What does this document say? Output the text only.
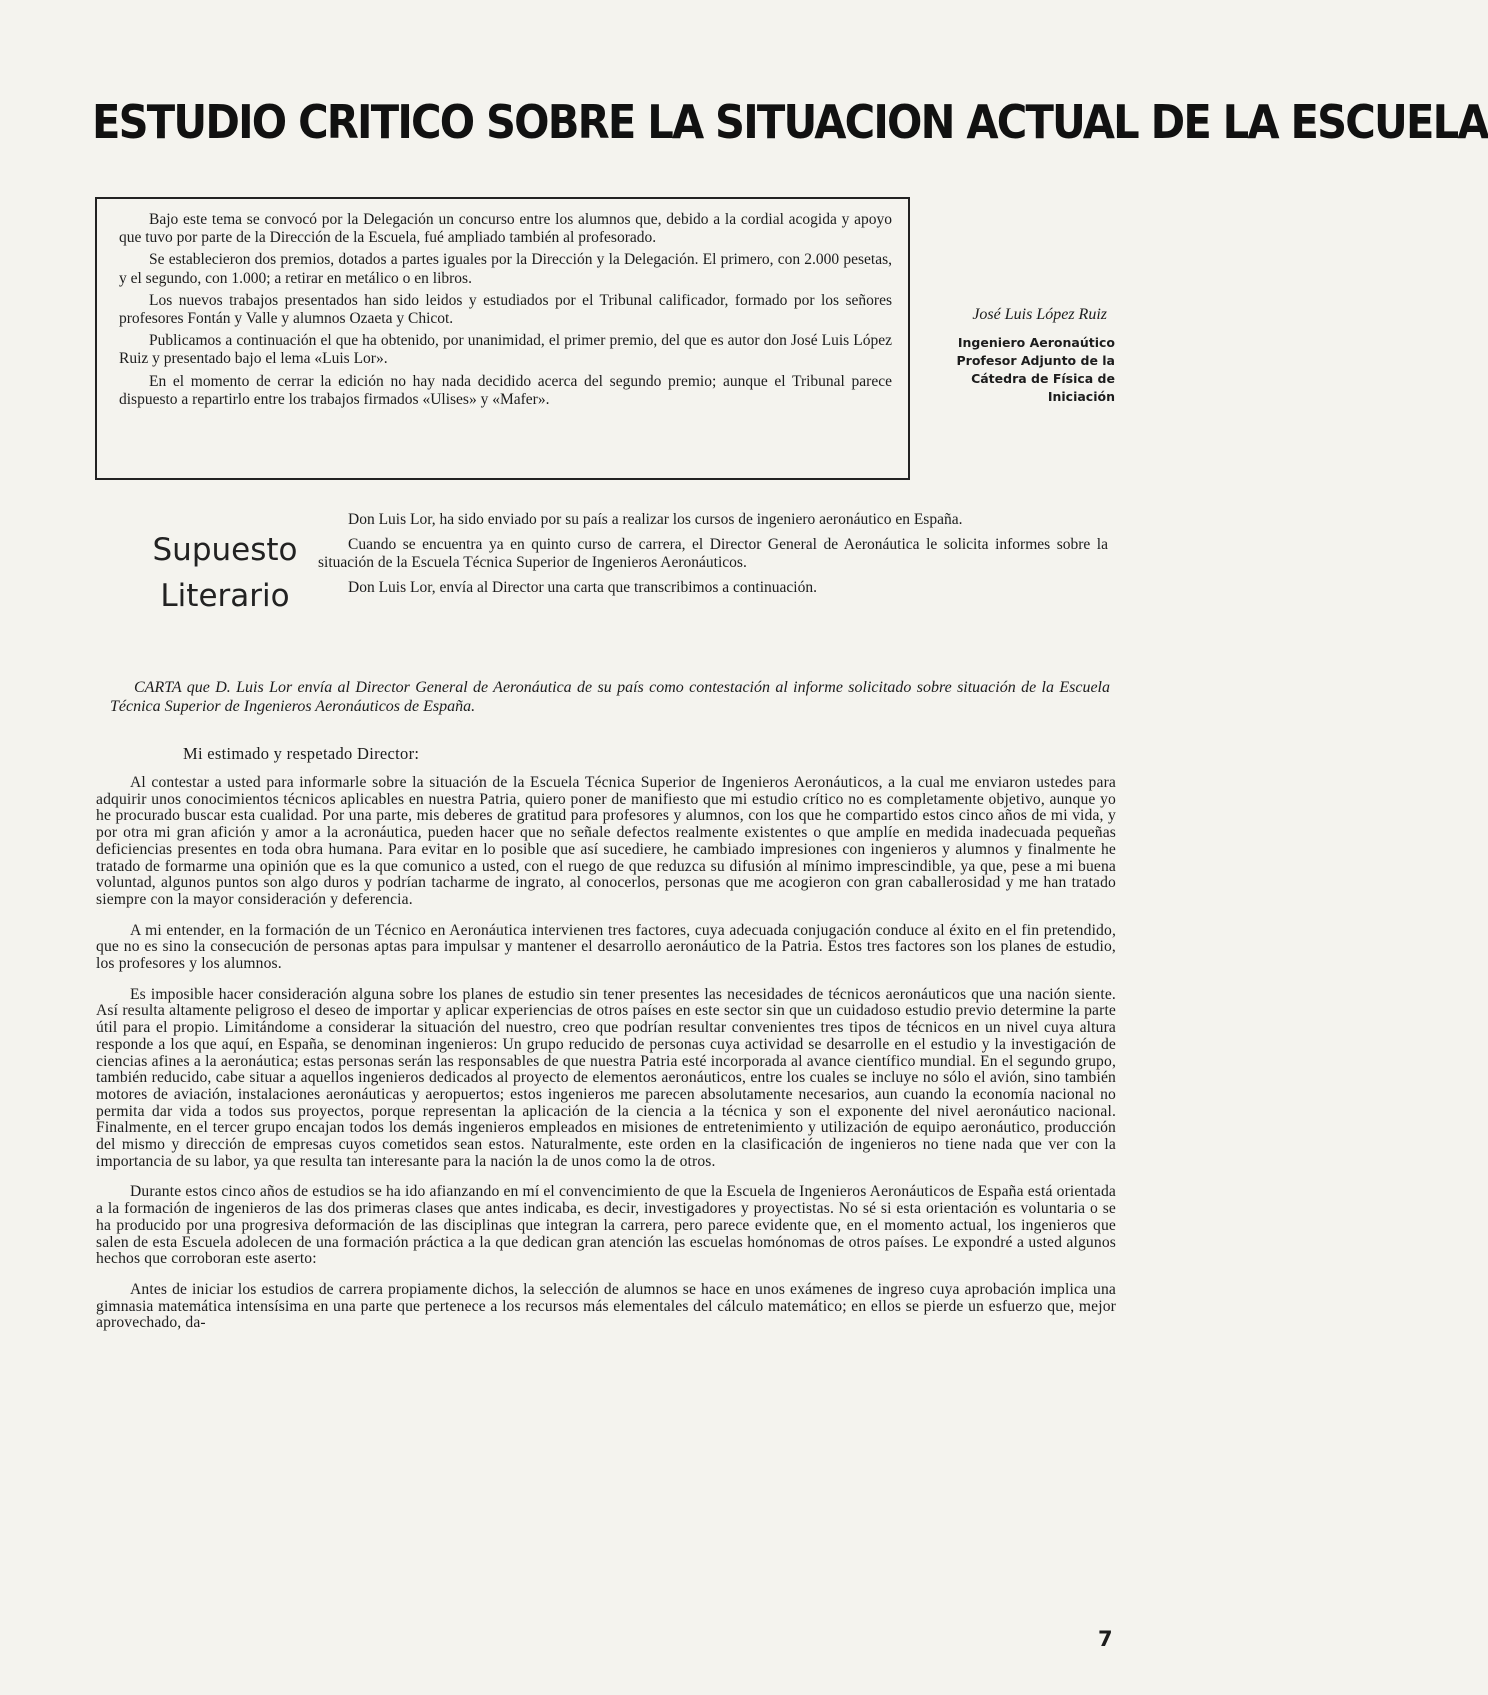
ESTUDIO CRITICO SOBRE LA SITUACION ACTUAL DE LA ESCUELA

Bajo este tema se convocó por la Delegación un concurso entre los alumnos que, debido a la cordial acogida y apoyo que tuvo por parte de la Dirección de la Escuela, fué ampliado también al profesorado.

Se establecieron dos premios, dotados a partes iguales por la Dirección y la Delegación. El primero, con 2.000 pesetas, y el segundo, con 1.000; a retirar en metálico o en libros.

Los nuevos trabajos presentados han sido leidos y estudiados por el Tribunal calificador, formado por los señores profesores Fontán y Valle y alumnos Ozaeta y Chicot.

Publicamos a continuación el que ha obtenido, por unanimidad, el primer premio, del que es autor don José Luis López Ruiz y presentado bajo el lema «Luis Lor».

En el momento de cerrar la edición no hay nada decidido acerca del segundo premio; aunque el Tribunal parece dispuesto a repartirlo entre los trabajos firmados «Ulises» y «Mafer».

José Luis López Ruiz
Ingeniero Aeronaútico
Profesor Adjunto de la
Cátedra de Física de
Iniciación
Supuesto
Literario

Don Luis Lor, ha sido enviado por su país a realizar los cursos de ingeniero aeronáutico en España.

Cuando se encuentra ya en quinto curso de carrera, el Director General de Aeronáutica le solicita informes sobre la situación de la Escuela Técnica Superior de Ingenieros Aeronáuticos.

Don Luis Lor, envía al Director una carta que transcribimos a continuación.

CARTA que D. Luis Lor envía al Director General de Aeronáutica de su país como contestación al informe solicitado sobre situación de la Escuela Técnica Superior de Ingenieros Aeronáuticos de España.

Mi estimado y respetado Director:

Al contestar a usted para informarle sobre la situación de la Escuela Técnica Superior de Ingenieros Aeronáuticos, a la cual me enviaron ustedes para adquirir unos conocimientos técnicos aplicables en nuestra Patria, quiero poner de manifiesto que mi estudio crítico no es completamente objetivo, aunque yo he procurado buscar esta cualidad. Por una parte, mis deberes de gratitud para profesores y alumnos, con los que he compartido estos cinco años de mi vida, y por otra mi gran afición y amor a la acronáutica, pueden hacer que no señale defectos realmente existentes o que amplíe en medida inadecuada pequeñas deficiencias presentes en toda obra humana. Para evitar en lo posible que así sucediere, he cambiado impresiones con ingenieros y alumnos y finalmente he tratado de formarme una opinión que es la que comunico a usted, con el ruego de que reduzca su difusión al mínimo imprescindible, ya que, pese a mi buena voluntad, algunos puntos son algo duros y podrían tacharme de ingrato, al conocerlos, personas que me acogieron con gran caballerosidad y me han tratado siempre con la mayor consideración y deferencia.

A mi entender, en la formación de un Técnico en Aeronáutica intervienen tres factores, cuya adecuada conjugación conduce al éxito en el fin pretendido, que no es sino la consecución de personas aptas para impulsar y mantener el desarrollo aeronáutico de la Patria. Estos tres factores son los planes de estudio, los profesores y los alumnos.

Es imposible hacer consideración alguna sobre los planes de estudio sin tener presentes las necesidades de técnicos aeronáuticos que una nación siente. Así resulta altamente peligroso el deseo de importar y aplicar experiencias de otros países en este sector sin que un cuidadoso estudio previo determine la parte útil para el propio. Limitándome a considerar la situación del nuestro, creo que podrían resultar convenientes tres tipos de técnicos en un nivel cuya altura responde a los que aquí, en España, se denominan ingenieros: Un grupo reducido de personas cuya actividad se desarrolle en el estudio y la investigación de ciencias afines a la aeronáutica; estas personas serán las responsables de que nuestra Patria esté incorporada al avance científico mundial. En el segundo grupo, también reducido, cabe situar a aquellos ingenieros dedicados al proyecto de elementos aeronáuticos, entre los cuales se incluye no sólo el avión, sino también motores de aviación, instalaciones aeronáuticas y aeropuertos; estos ingenieros me parecen absolutamente necesarios, aun cuando la economía nacional no permita dar vida a todos sus proyectos, porque representan la aplicación de la ciencia a la técnica y son el exponente del nivel aeronáutico nacional. Finalmente, en el tercer grupo encajan todos los demás ingenieros empleados en misiones de entretenimiento y utilización de equipo aeronáutico, producción del mismo y dirección de empresas cuyos cometidos sean estos. Naturalmente, este orden en la clasificación de ingenieros no tiene nada que ver con la importancia de su labor, ya que resulta tan interesante para la nación la de unos como la de otros.

Durante estos cinco años de estudios se ha ido afianzando en mí el convencimiento de que la Escuela de Ingenieros Aeronáuticos de España está orientada a la formación de ingenieros de las dos primeras clases que antes indicaba, es decir, investigadores y proyectistas. No sé si esta orientación es voluntaria o se ha producido por una progresiva deformación de las disciplinas que integran la carrera, pero parece evidente que, en el momento actual, los ingenieros que salen de esta Escuela adolecen de una formación práctica a la que dedican gran atención las escuelas homónomas de otros países. Le expondré a usted algunos hechos que corroboran este aserto:

Antes de iniciar los estudios de carrera propiamente dichos, la selección de alumnos se hace en unos exámenes de ingreso cuya aprobación implica una gimnasia matemática intensísima en una parte que pertenece a los recursos más elementales del cálculo matemático; en ellos se pierde un esfuerzo que, mejor aprovechado, da-

7
